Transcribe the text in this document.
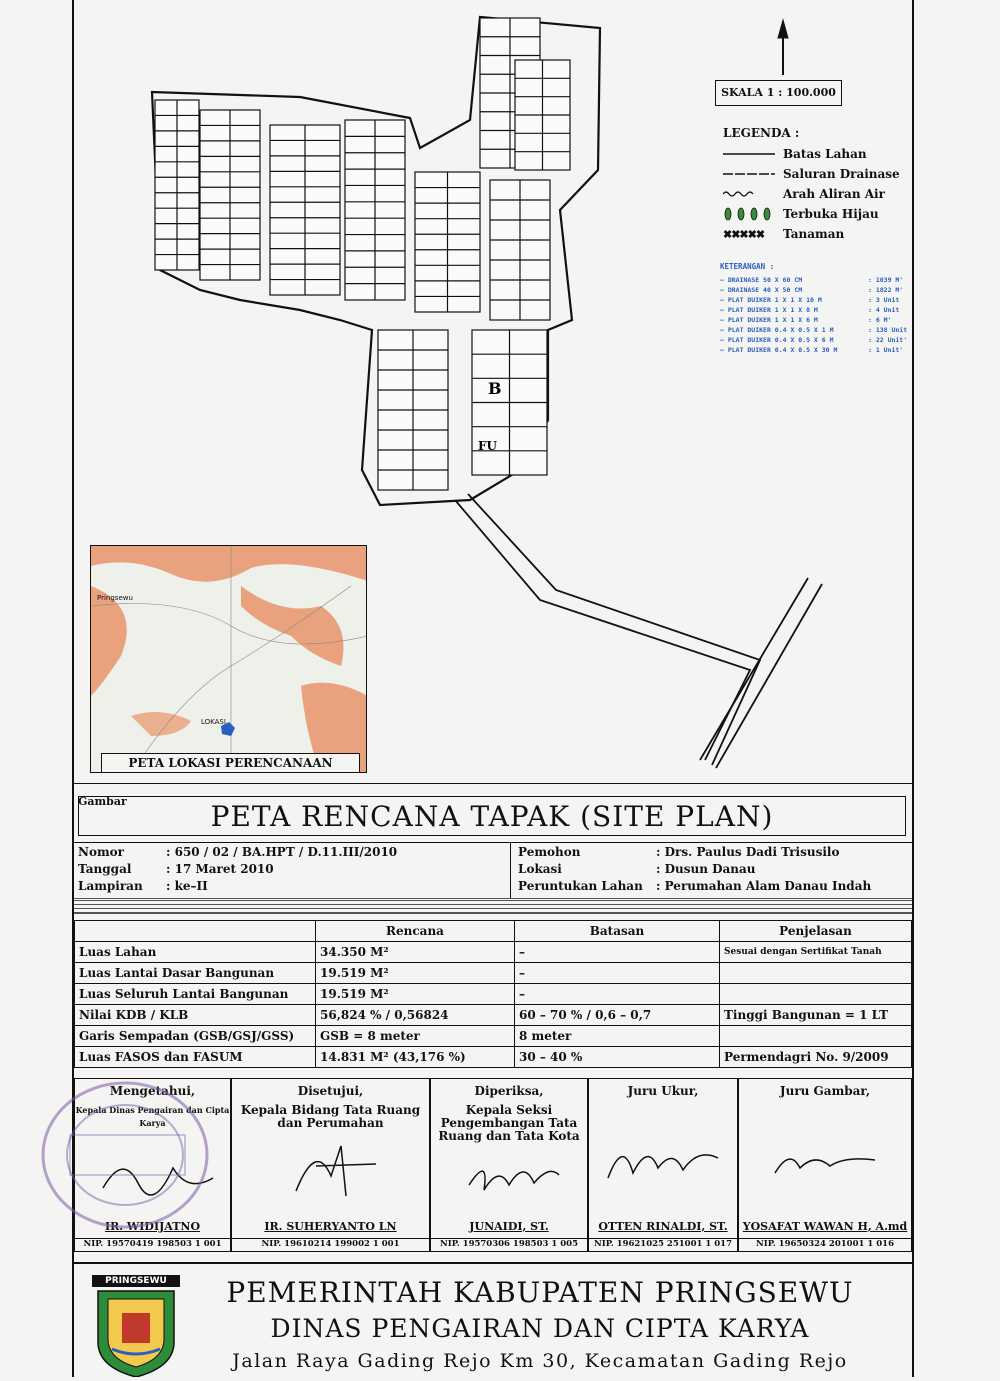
B
FU
SKALA 1 : 100.000
LEGENDA :
Batas Lahan
Saluran Drainase
Arah Aliran Air
Terbuka Hijau
✖✖✖✖✖	Tanaman
KETERANGAN :
– DRAINASE 50 X 60 CM	: 1039 M'
– DRAINASE 40 X 50 CM	: 1822 M'
– PLAT DUIKER 1 X 1 X 10 M	: 3 Unit
– PLAT DUIKER 1 X 1 X 8 M	: 4 Unit
– PLAT DUIKER 1 X 1 X 6 M	: 6 M'
– PLAT DUIKER 0.4 X 0.5 X 1 M	: 138 Unit
– PLAT DUIKER 0.4 X 0.5 X 6 M	: 22 Unit'
– PLAT DUIKER 0.4 X 0.5 X 30 M	: 1 Unit'
Pringsewu
LOKASI
PETA LOKASI PERENCANAAN
Gambar	PETA RENCANA TAPAK (SITE PLAN)
Nomor	: 650 / 02 / BA.HPT / D.11.III/2010
Tanggal	: 17 Maret 2010
Lampiran	: ke–II
Pemohon	: Drs. Paulus Dadi Trisusilo
Lokasi	: Dusun Danau
Peruntukan Lahan	: Perumahan Alam Danau Indah
	Rencana	Batasan	Penjelasan
Luas Lahan	34.350 M²	–	Sesuai dengan Sertifikat Tanah
Luas Lantai Dasar Bangunan	19.519 M²	–	
Luas Seluruh Lantai Bangunan	19.519 M²	–	
Nilai KDB / KLB	56,824 % / 0,56824	60 – 70 % / 0,6 – 0,7	Tinggi Bangunan = 1 LT
Garis Sempadan (GSB/GSJ/GSS)	GSB = 8 meter	8 meter	
Luas FASOS dan FASUM	14.831 M² (43,176 %)	30 – 40 %	Permendagri No. 9/2009
Mengetahui,
Kepala Dinas Pengairan dan Cipta Karya
IR. WIDIJATNO
NIP. 19570419 198503 1 001
Disetujui,
Kepala Bidang Tata Ruang dan Perumahan
IR. SUHERYANTO LN
NIP. 19610214 199002 1 001
Diperiksa,
Kepala Seksi Pengembangan Tata Ruang dan Tata Kota
JUNAIDI, ST.
NIP. 19570306 198503 1 005
Juru Ukur,
OTTEN RINALDI, ST.
NIP. 19621025 251001 1 017
Juru Gambar,
YOSAFAT WAWAN H, A.md
NIP. 19650324 201001 1 016
PRINGSEWU	PEMERINTAH KABUPATEN PRINGSEWU
DINAS PENGAIRAN DAN CIPTA KARYA
Jalan Raya Gading Rejo Km 30, Kecamatan Gading Rejo
